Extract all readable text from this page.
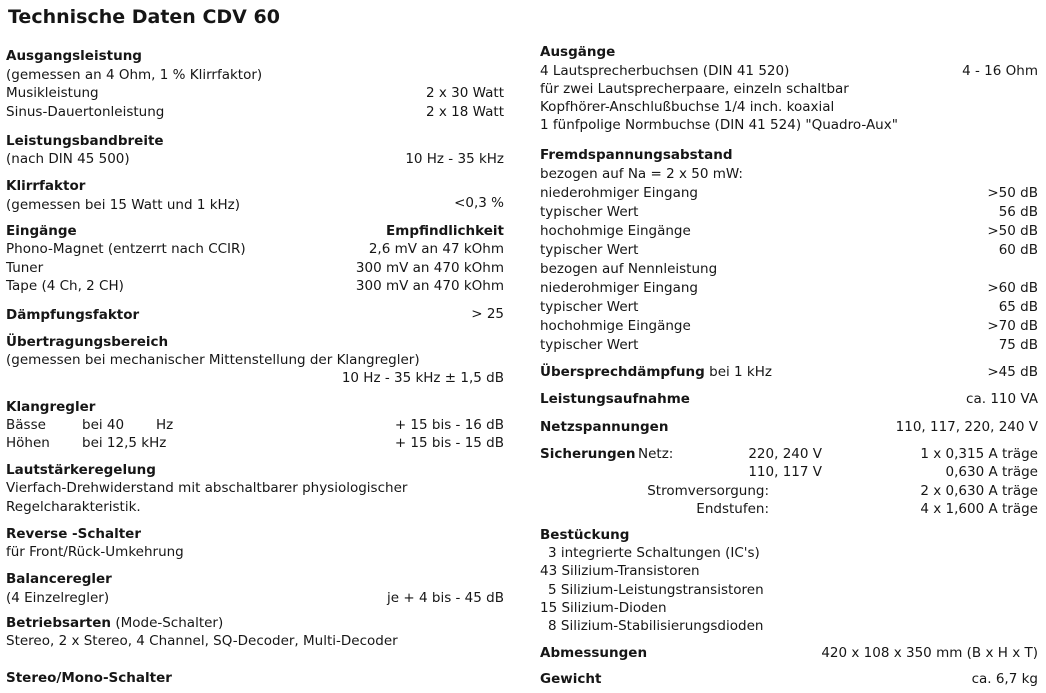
Technische Daten CDV 60
Ausgangsleistung
(gemessen an 4 Ohm, 1 % Klirrfaktor)
Musikleistung	2 x 30 Watt
Sinus-Dauertonleistung	2 x 18 Watt
Leistungsbandbreite
(nach DIN 45 500)	10 Hz - 35 kHz
Klirrfaktor
(gemessen bei 15 Watt und 1 kHz)	<0,3 %
Eingänge	Empfindlichkeit
Phono-Magnet (entzerrt nach CCIR)	2,6 mV an 47 kOhm
Tuner	300 mV an 470 kOhm
Tape (4 Ch, 2 CH)	300 mV an 470 kOhm
Dämpfungsfaktor	> 25
Übertragungsbereich
(gemessen bei mechanischer Mittenstellung der Klangregler)
10 Hz - 35 kHz ± 1,5 dB
Klangregler
Bässe	bei 40 Hz	+ 15 bis - 16 dB
Höhen bei 12,5 kHz	+ 15 bis - 15 dB
Lautstärkeregelung
Vierfach-Drehwiderstand mit abschaltbarer physiologischer
Regelcharakteristik.
Reverse -Schalter
für Front/Rück-Umkehrung
Balanceregler
(4 Einzelregler)	je + 4 bis - 45 dB
Betriebsarten (Mode-Schalter)
Stereo, 2 x Stereo, 4 Channel, SQ-Decoder, Multi-Decoder
Stereo/Mono-Schalter
Ausgänge
4 Lautsprecherbuchsen (DIN 41 520)	4 - 16 Ohm
für zwei Lautsprecherpaare, einzeln schaltbar
Kopfhörer-Anschlußbuchse 1/4 inch. koaxial
1 fünfpolige Normbuchse (DIN 41 524) "Quadro-Aux"
Fremdspannungsabstand
bezogen auf Na = 2 x 50 mW:
niederohmiger Eingang	>50 dB
typischer Wert	56 dB
hochohmige Eingänge	>50 dB
typischer Wert	60 dB
bezogen auf Nennleistung
niederohmiger Eingang	>60 dB
typischer Wert	65 dB
hochohmige Eingänge	>70 dB
typischer Wert	75 dB
Übersprechdämpfung bei 1 kHz	>45 dB
Leistungsaufnahme	ca. 110 VA
Netzspannungen	110, 117, 220, 240 V
Sicherungen Netz:	220, 240 V	1 x 0,315 A träge
110, 117 V	0,630 A träge
Stromversorgung:	2 x 0,630 A träge
Endstufen:	4 x 1,600 A träge
Bestückung
3 integrierte Schaltungen (IC's)
43 Silizium-Transistoren
5 Silizium-Leistungstransistoren
15 Silizium-Dioden
8 Silizium-Stabilisierungsdioden
Abmessungen	420 x 108 x 350 mm (B x H x T)
Gewicht	ca. 6,7 kg
